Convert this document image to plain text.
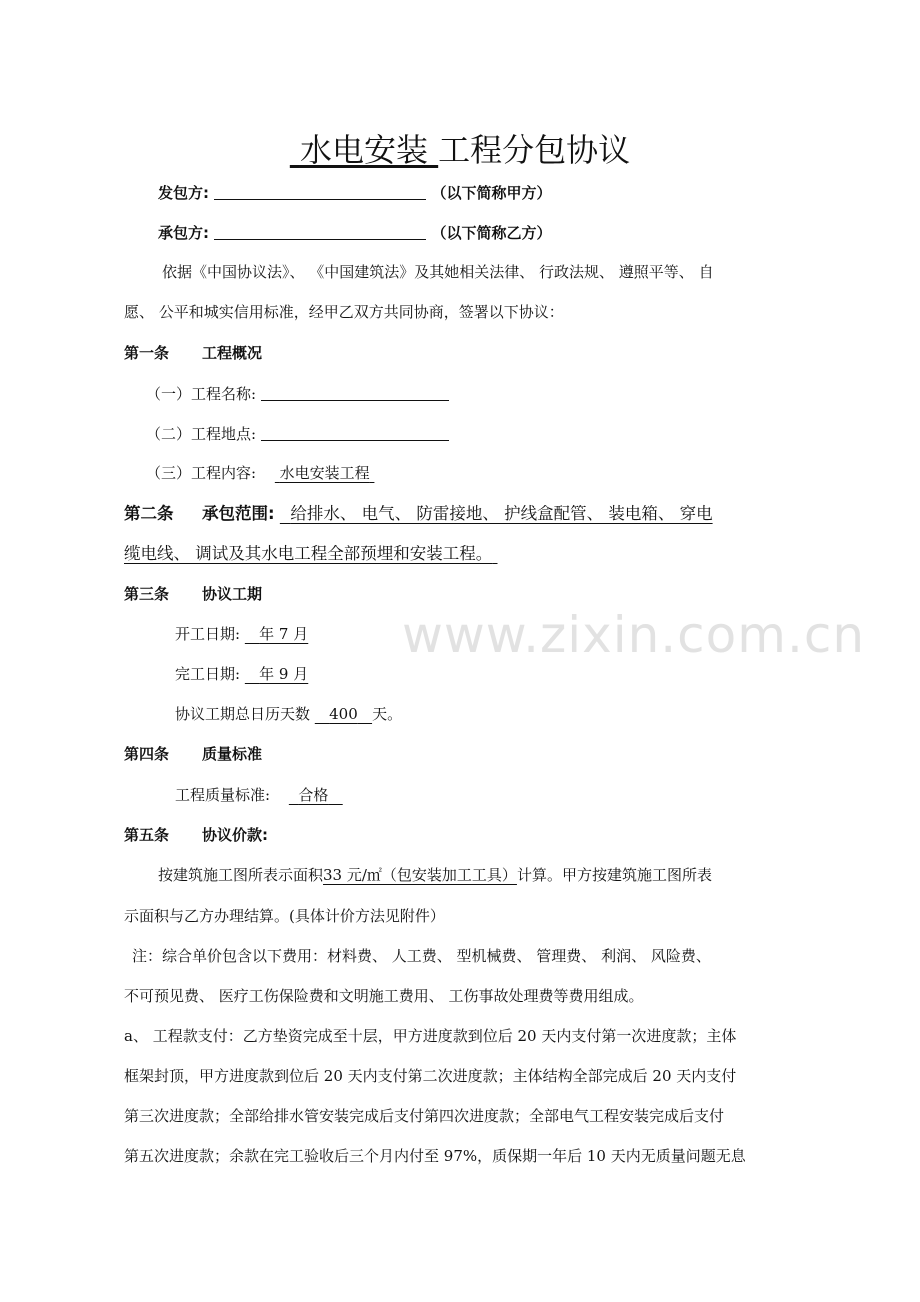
www.zixin.com.cn
水电安装 工程分包协议
发包方:	（以下简称甲方）
承包方:	（以下简称乙方）
依据《中国协议法》、 《中国建筑法》及其她相关法律、 行政法规、 遵照平等、 自
愿、 公平和城实信用标准，经甲乙双方共同协商，签署以下协议：
第一条 工程概况
（一）工程名称:
（二）工程地点:
（三）工程内容: 水电安装工程
第二条 承包范围: 给排水、 电气、 防雷接地、 护线盒配管、 装电箱、 穿电
缆电线、 调试及其水电工程全部预埋和安装工程。
第三条 协议工期
开工日期: 年 7 月
完工日期: 年 9 月
协议工期总日历天数 400 天。
第四条 质量标准
工程质量标准: 合格
第五条 协议价款:
按建筑施工图所表示面积33 元/㎡（包安装加工工具）计算。甲方按建筑施工图所表
示面积与乙方办理结算。(具体计价方法见附件）
注：综合单价包含以下费用：材料费、 人工费、 型机械费、 管理费、 利润、 风险费、
不可预见费、 医疗工伤保险费和文明施工费用、 工伤事故处理费等费用组成。
a、 工程款支付：乙方垫资完成至十层，甲方进度款到位后 20 天内支付第一次进度款；主体
框架封顶，甲方进度款到位后 20 天内支付第二次进度款；主体结构全部完成后 20 天内支付
第三次进度款；全部给排水管安装完成后支付第四次进度款；全部电气工程安装完成后支付
第五次进度款；余款在完工验收后三个月内付至 97%，质保期一年后 10 天内无质量问题无息
